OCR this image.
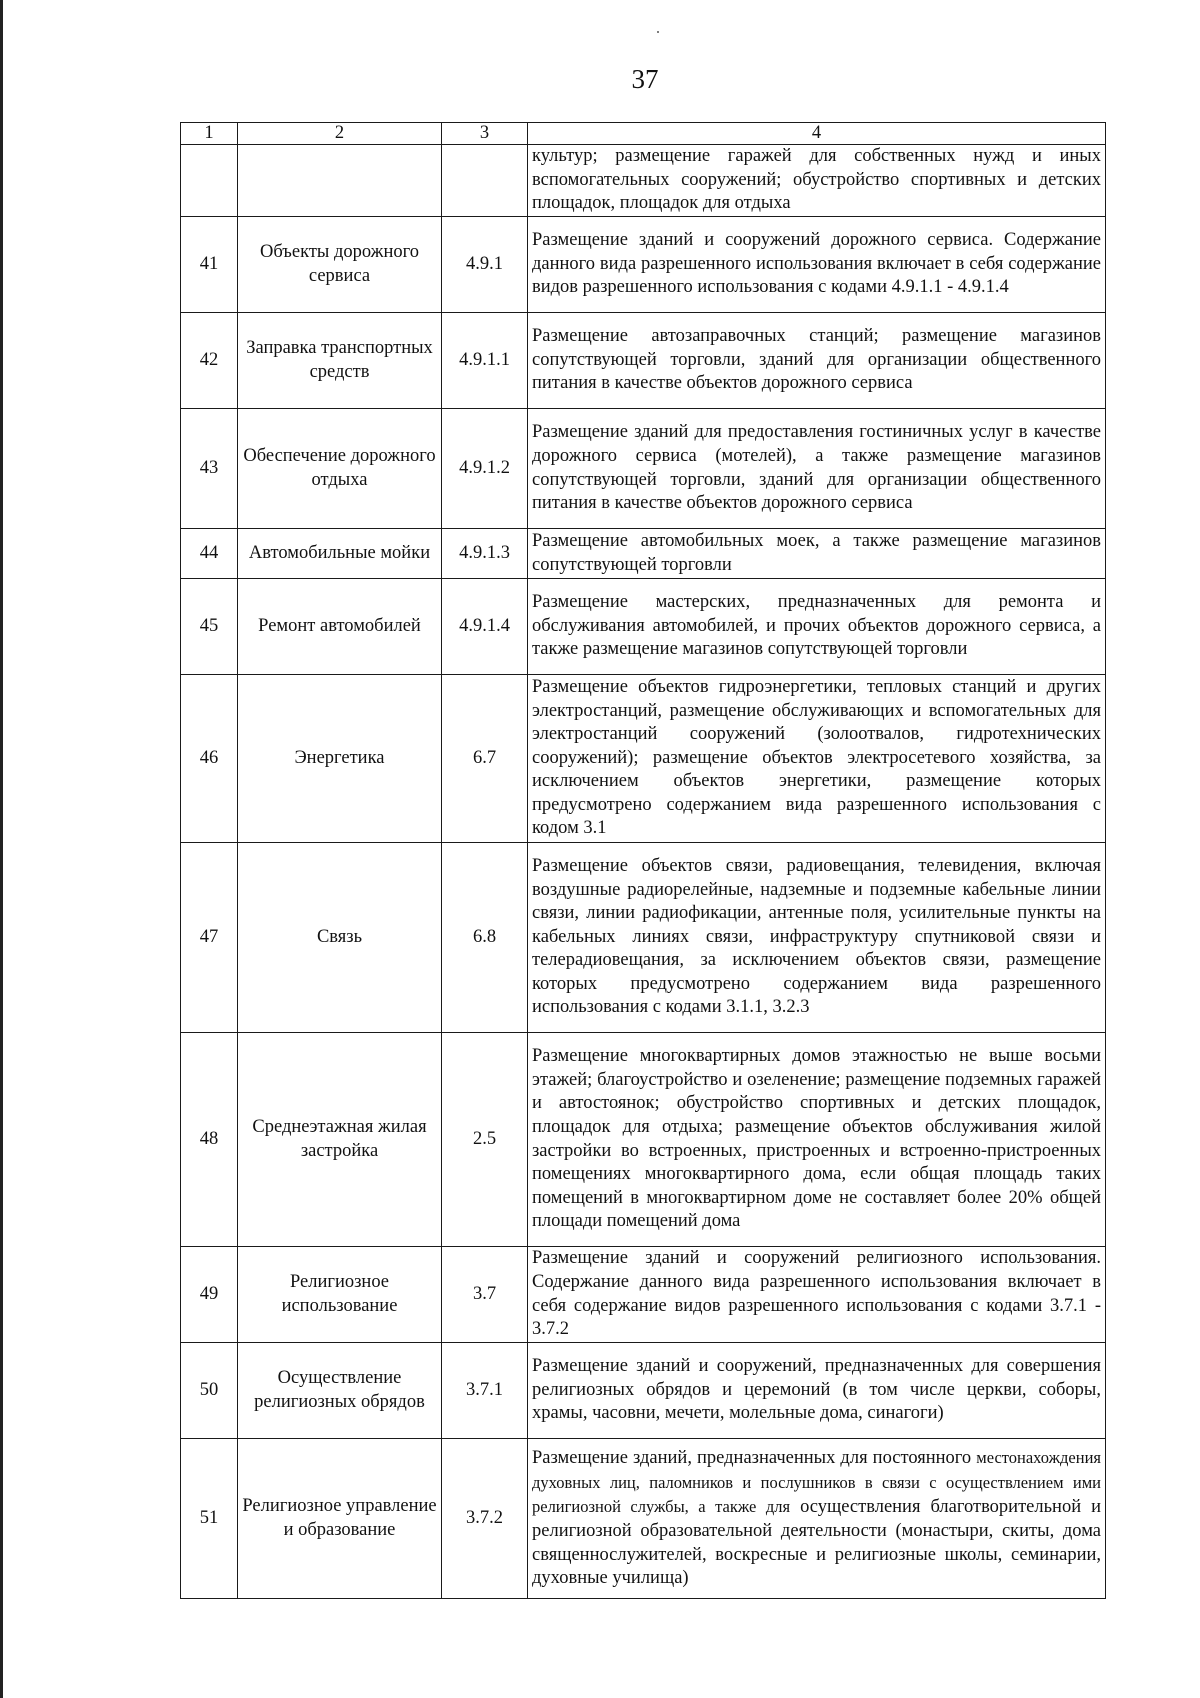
37
1	2	3	4
			культур; размещение гаражей для собственных нужд и иных вспомогательных сооружений; обустройство спортивных и детских площадок, площадок для отдыха
41	Объекты дорожного сервиса	4.9.1	Размещение зданий и сооружений дорожного сервиса. Содержание данного вида разрешенного использования включает в себя содержание видов разрешенного использования с кодами 4.9.1.1 - 4.9.1.4
42	Заправка транспортных средств	4.9.1.1	Размещение автозаправочных станций; размещение магазинов сопутствующей торговли, зданий для организации общественного питания в качестве объектов дорожного сервиса
43	Обеспечение дорожного отдыха	4.9.1.2	Размещение зданий для предоставления гостиничных услуг в качестве дорожного сервиса (мотелей), а также размещение магазинов сопутствующей торговли, зданий для организации общественного питания в качестве объектов дорожного сервиса
44	Автомобильные мойки	4.9.1.3	Размещение автомобильных моек, а также размещение магазинов сопутствующей торговли
45	Ремонт автомобилей	4.9.1.4	Размещение мастерских, предназначенных для ремонта и обслуживания автомобилей, и прочих объектов дорожного сервиса, а также размещение магазинов сопутствующей торговли
46	Энергетика	6.7	Размещение объектов гидроэнергетики, тепловых станций и других электростанций, размещение обслуживающих и вспомогательных для электростанций сооружений (золоотвалов, гидротехнических сооружений); размещение объектов электросетевого хозяйства, за исключением объектов энергетики, размещение которых предусмотрено содержанием вида разрешенного использования с кодом 3.1
47	Связь	6.8	Размещение объектов связи, радиовещания, телевидения, включая воздушные радиорелейные, надземные и подземные кабельные линии связи, линии радиофикации, антенные поля, усилительные пункты на кабельных линиях связи, инфраструктуру спутниковой связи и телерадиовещания, за исключением объектов связи, размещение которых предусмотрено содержанием вида разрешенного использования с кодами 3.1.1, 3.2.3
48	Среднеэтажная жилая застройка	2.5	Размещение многоквартирных домов этажностью не выше восьми этажей; благоустройство и озеленение; размещение подземных гаражей и автостоянок; обустройство спортивных и детских площадок, площадок для отдыха; размещение объектов обслуживания жилой застройки во встроенных, пристроенных и встроенно-пристроенных помещениях многоквартирного дома, если общая площадь таких помещений в многоквартирном доме не составляет более 20% общей площади помещений дома
49	Религиозное использование	3.7	Размещение зданий и сооружений религиозного использования. Содержание данного вида разрешенного использования включает в себя содержание видов разрешенного использования с кодами 3.7.1 - 3.7.2
50	Осуществление религиозных обрядов	3.7.1	Размещение зданий и сооружений, предназначенных для совершения религиозных обрядов и церемоний (в том числе церкви, соборы, храмы, часовни, мечети, молельные дома, синагоги)
51	Религиозное управление и образование	3.7.2	Размещение зданий, предназначенных для постоянного местонахождения духовных лиц, паломников и послушников в связи с осуществлением ими религиозной службы, а также для осуществления благотворительной и религиозной образовательной деятельности (монастыри, скиты, дома священнослужителей, воскресные и религиозные школы, семинарии, духовные училища)
